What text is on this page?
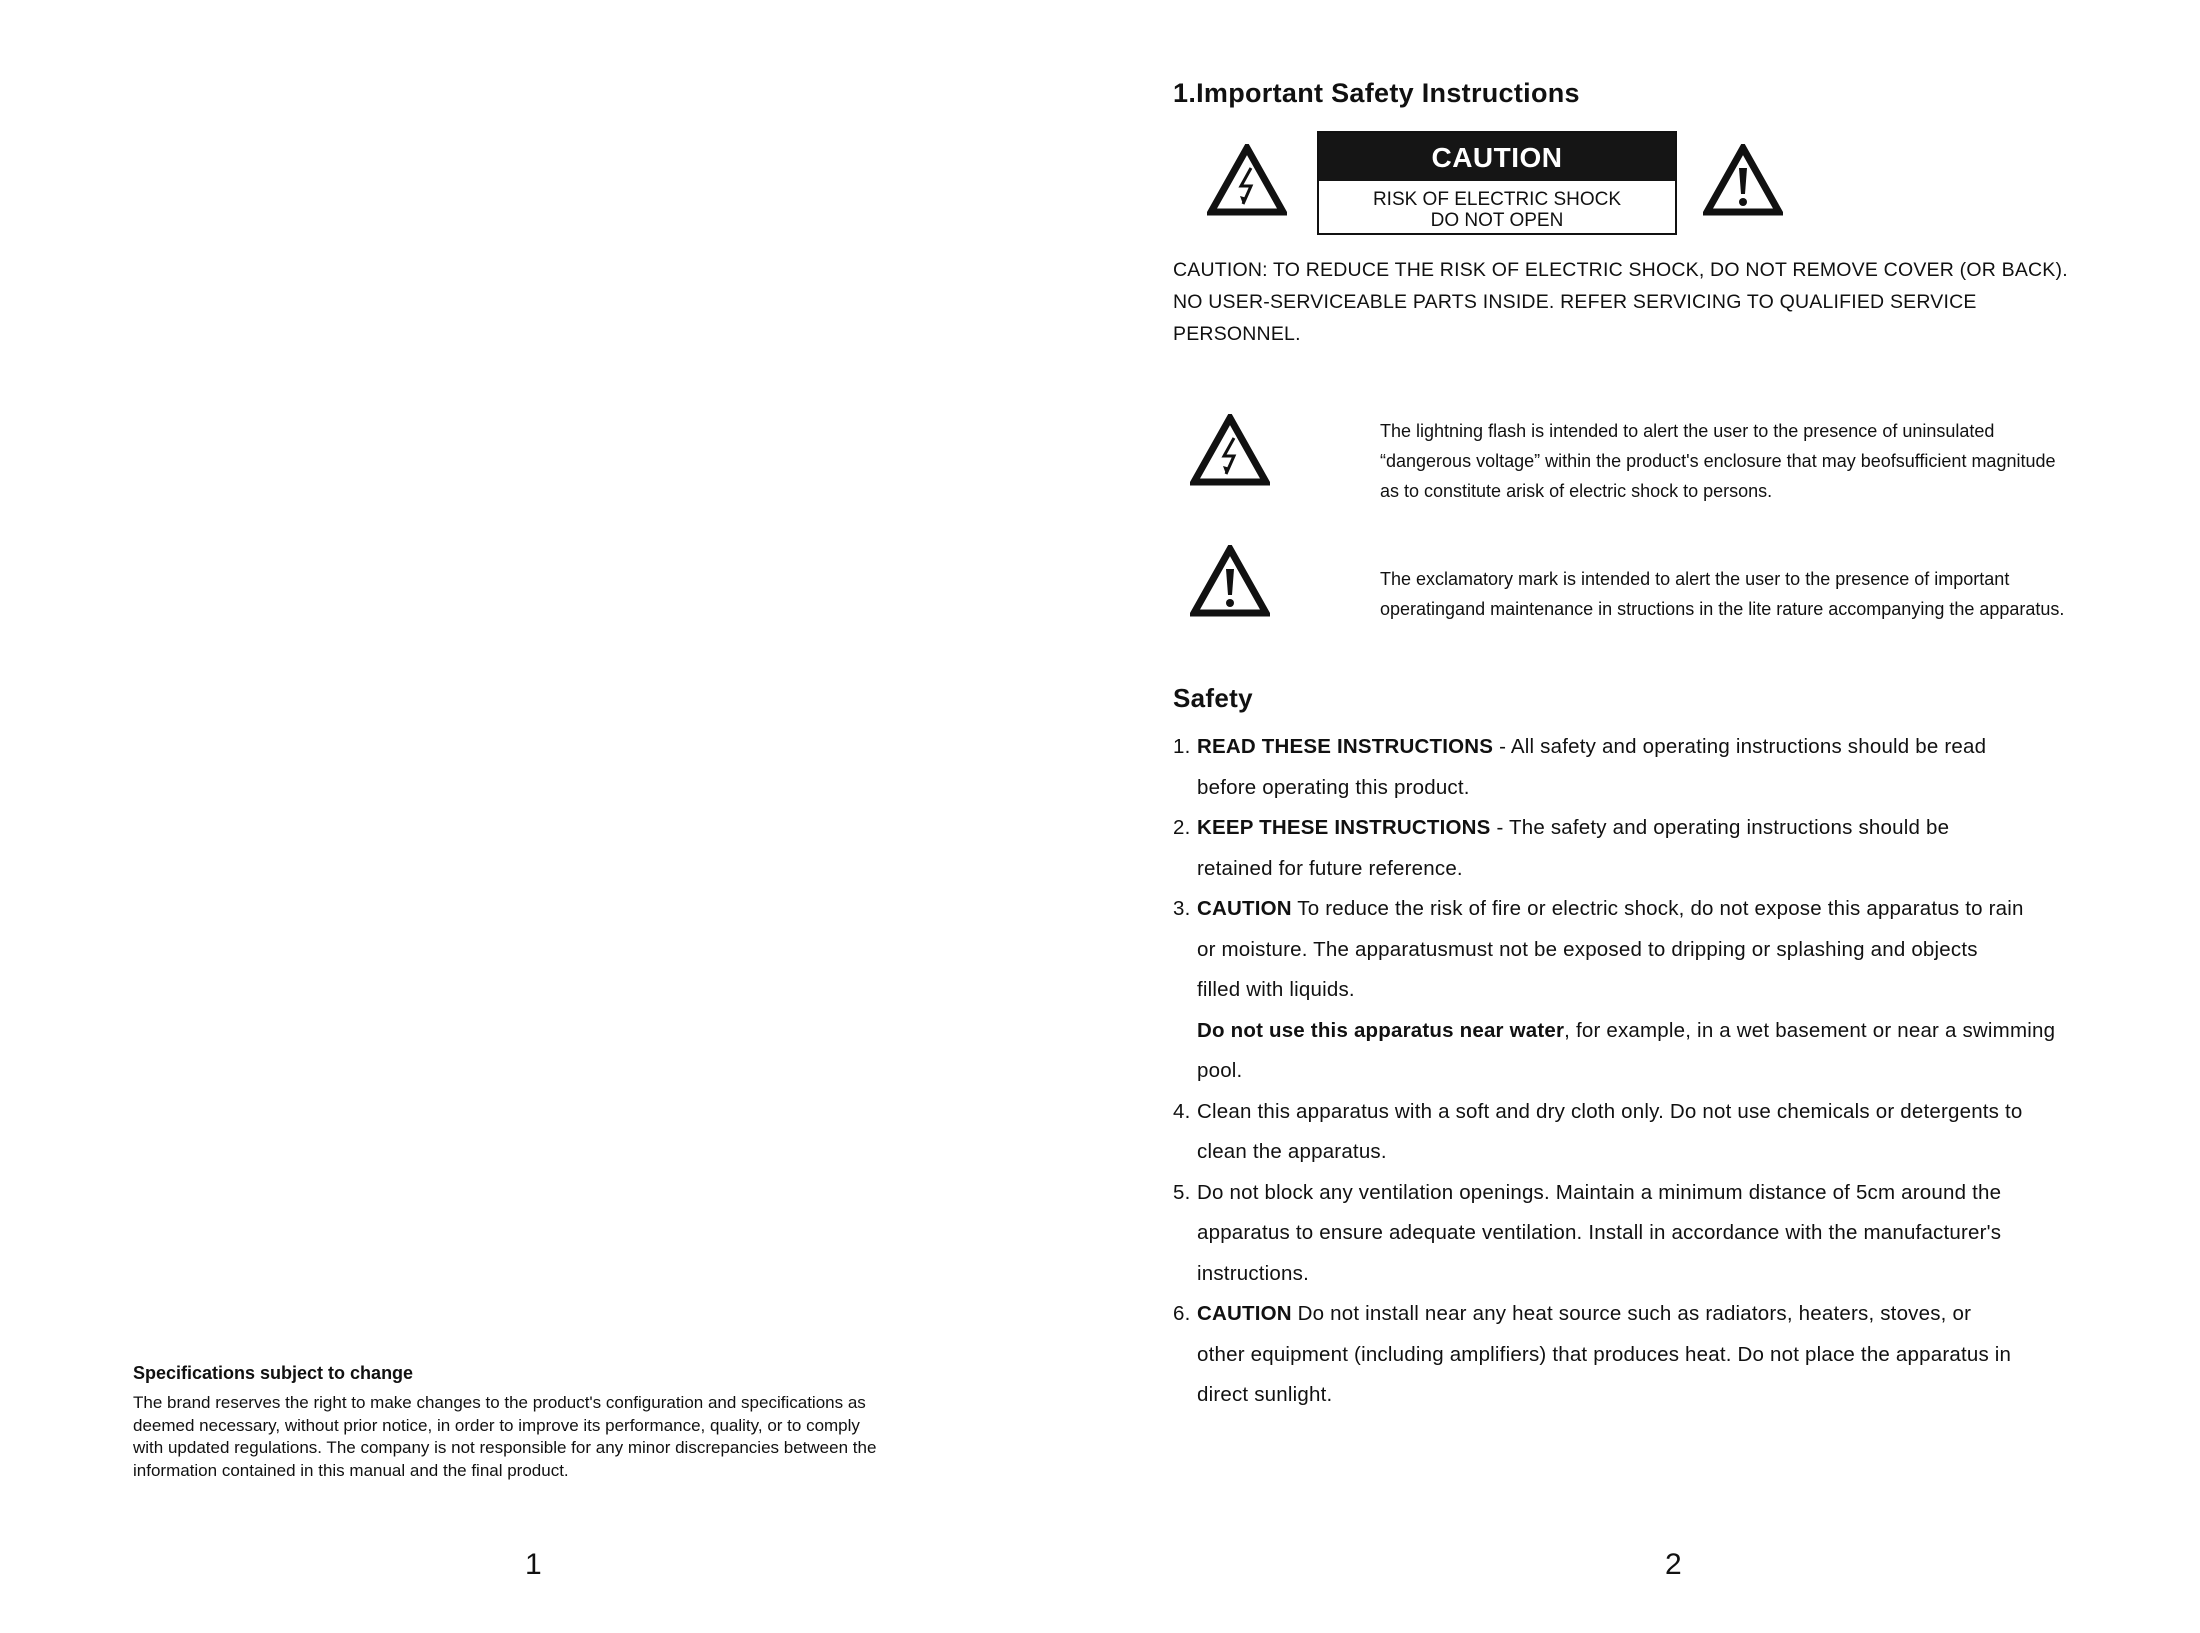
Specifications subject to change

The brand reserves the right to make changes to the product's configuration and specifications as
deemed necessary, without prior notice, in order to improve its performance, quality, or to comply
with updated regulations. The company is not responsible for any minor discrepancies between the
information contained in this manual and the final product.

1
1.Important Safety Instructions
CAUTION
RISK OF ELECTRIC SHOCK
DO NOT OPEN

CAUTION: TO REDUCE THE RISK OF ELECTRIC SHOCK, DO NOT REMOVE COVER (OR BACK).
NO USER-SERVICEABLE PARTS INSIDE. REFER SERVICING TO QUALIFIED SERVICE
PERSONNEL.

The lightning flash is intended to alert the user to the presence of uninsulated
“dangerous voltage” within the product's enclosure that may beofsufficient magnitude
as to constitute arisk of electric shock to persons.

The exclamatory mark is intended to alert the user to the presence of important
operatingand maintenance in structions in the lite rature accompanying the apparatus.

Safety
1. READ THESE INSTRUCTIONS - All safety and operating instructions should be read
before operating this product.
2. KEEP THESE INSTRUCTIONS - The safety and operating instructions should be
retained for future reference.
3. CAUTION To reduce the risk of fire or electric shock, do not expose this apparatus to rain
or moisture. The apparatusmust not be exposed to dripping or splashing and objects
filled with liquids.
Do not use this apparatus near water, for example, in a wet basement or near a swimming
pool.
4. Clean this apparatus with a soft and dry cloth only. Do not use chemicals or detergents to
clean the apparatus.
5. Do not block any ventilation openings. Maintain a minimum distance of 5cm around the
apparatus to ensure adequate ventilation. Install in accordance with the manufacturer's
instructions.
6. CAUTION Do not install near any heat source such as radiators, heaters, stoves, or
other equipment (including amplifiers) that produces heat. Do not place the apparatus in
direct sunlight.
2
